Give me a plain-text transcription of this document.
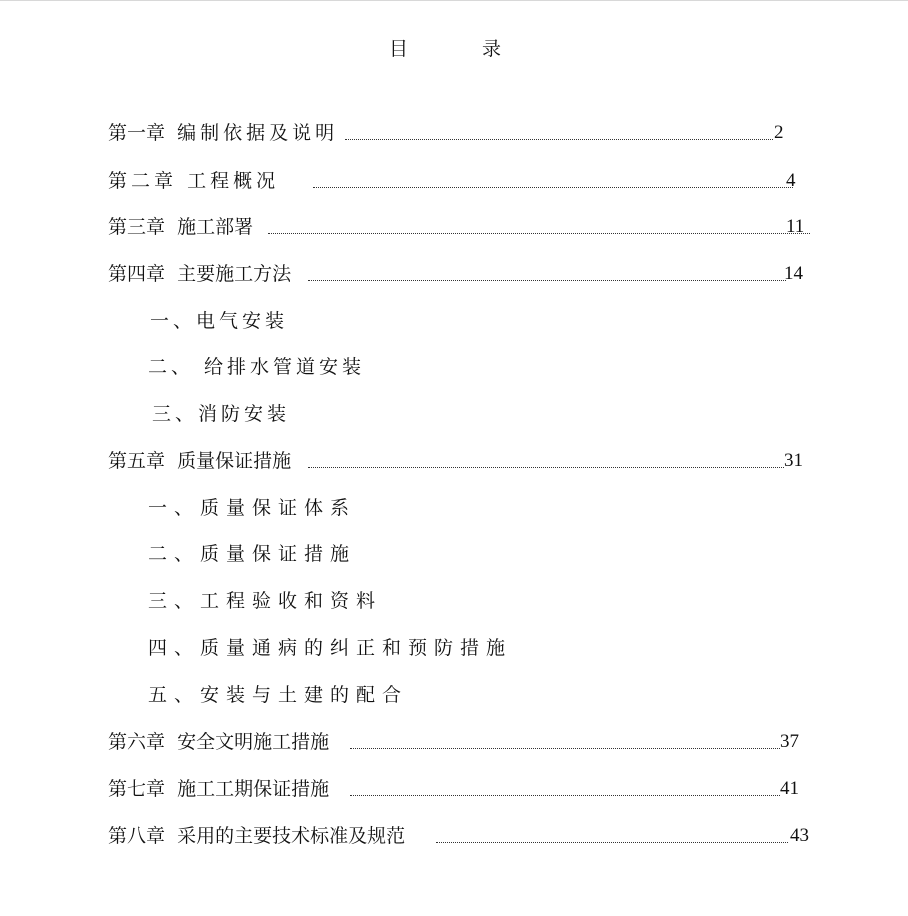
目 录
第一章 编制依据及说明	2
第二章 工程概况	4
第三章 施工部署	11
第四章 主要施工方法	14
一、电气安装
二、 给排水管道安装
三、消防安装
第五章 质量保证措施	31
一、质量保证体系
二、质量保证措施
三、工程验收和资料
四、质量通病的纠正和预防措施
五、安装与土建的配合
第六章 安全文明施工措施	37
第七章 施工工期保证措施	41
第八章 采用的主要技术标准及规范	43
